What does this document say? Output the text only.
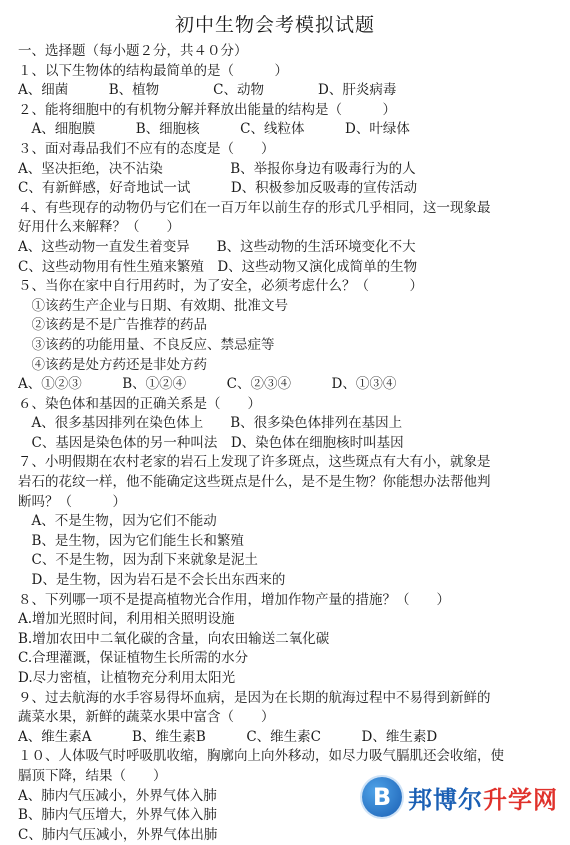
初中生物会考模拟试题
一、选择题（每小题２分，共４０分）
１、以下生物体的结构最简单的是（　　　）
A、细菌　　　B、植物　　　　C、动物　　　　D、肝炎病毒
２、能将细胞中的有机物分解并释放出能量的结构是（　　　）
　A、细胞膜　　　B、细胞核　　　C、线粒体　　　D、叶绿体
３、面对毒品我们不应有的态度是（　　）
A、坚决拒绝，决不沾染　　　　　B、举报你身边有吸毒行为的人
C、有新鲜感，好奇地试一试　　　D、积极参加反吸毒的宣传活动
４、有些现存的动物仍与它们在一百万年以前生存的形式几乎相同，这一现象最
好用什么来解释？（　　）
A、这些动物一直发生着变异　　B、这些动物的生活环境变化不大
C、这些动物用有性生殖来繁殖　D、这些动物又演化成简单的生物
５、当你在家中自行用药时，为了安全，必须考虑什么？（　　　）
　①该药生产企业与日期、有效期、批准文号
　②该药是不是广告推荐的药品
　③该药的功能用量、不良反应、禁忌症等
　④该药是处方药还是非处方药
A、①②③　　　B、①②④　　　C、②③④　　　D、①③④
６、染色体和基因的正确关系是（　　）
　A、很多基因排列在染色体上　　B、很多染色体排列在基因上
　C、基因是染色体的另一种叫法　D、染色体在细胞核时叫基因
７、小明假期在农村老家的岩石上发现了许多斑点，这些斑点有大有小，就象是
岩石的花纹一样，他不能确定这些斑点是什么，是不是生物？你能想办法帮他判
断吗？（　　　）
　A、不是生物，因为它们不能动
　B、是生物，因为它们能生长和繁殖
　C、不是生物，因为刮下来就象是泥土
　D、是生物，因为岩石是不会长出东西来的
８、下列哪一项不是提高植物光合作用，增加作物产量的措施？（　　）
A.增加光照时间，利用相关照明设施
B.增加农田中二氧化碳的含量，向农田输送二氧化碳
C.合理灌溉，保证植物生长所需的水分
D.尽力密植，让植物充分利用太阳光
９、过去航海的水手容易得坏血病，是因为在长期的航海过程中不易得到新鲜的
蔬菜水果，新鲜的蔬菜水果中富含（　　）
A、维生素A　　　B、维生素B　　　C、维生素C　　　D、维生素D
１０、人体吸气时呼吸肌收缩，胸廓向上向外移动，如尽力吸气膈肌还会收缩，使
膈顶下降，结果（　　）
A、肺内气压减小，外界气体入肺
B、肺内气压增大，外界气体入肺
C、肺内气压减小，外界气体出肺
B 邦博尔升学网
